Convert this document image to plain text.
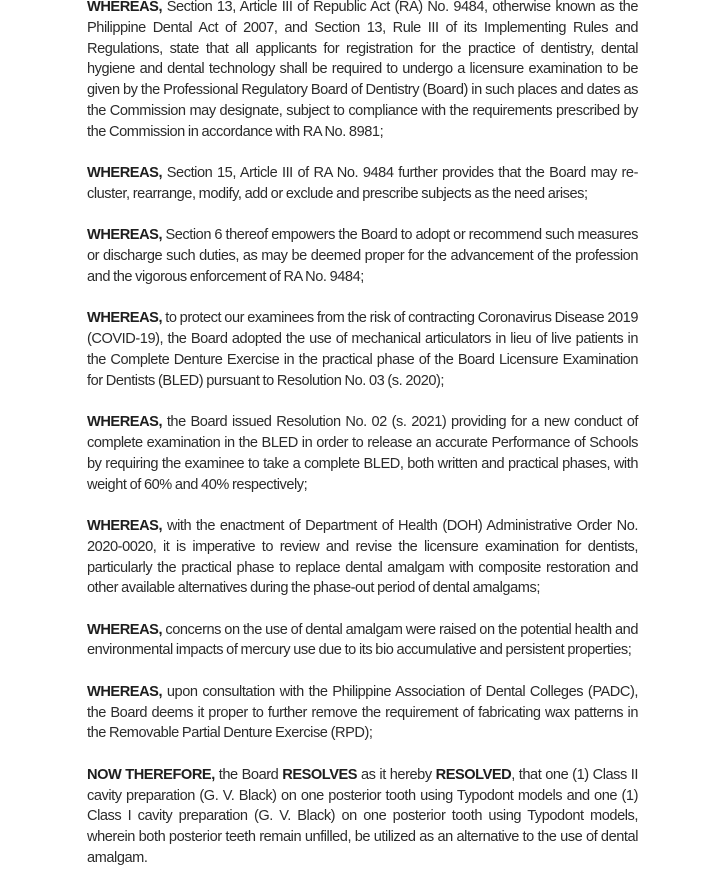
WHEREAS, Section 13, Article III of Republic Act (RA) No. 9484, otherwise known as the Philippine Dental Act of 2007, and Section 13, Rule III of its Implementing Rules and Regulations, state that all applicants for registration for the practice of dentistry, dental hygiene and dental technology shall be required to undergo a licensure examination to be given by the Professional Regulatory Board of Dentistry (Board) in such places and dates as the Commission may designate, subject to compliance with the requirements prescribed by the Commission in accordance with RA No. 8981;

WHEREAS, Section 15, Article III of RA No. 9484 further provides that the Board may re-cluster, rearrange, modify, add or exclude and prescribe subjects as the need arises;

WHEREAS, Section 6 thereof empowers the Board to adopt or recommend such measures or discharge such duties, as may be deemed proper for the advancement of the profession and the vigorous enforcement of RA No. 9484;

WHEREAS, to protect our examinees from the risk of contracting Coronavirus Disease 2019 (COVID-19), the Board adopted the use of mechanical articulators in lieu of live patients in the Complete Denture Exercise in the practical phase of the Board Licensure Examination for Dentists (BLED) pursuant to Resolution No. 03 (s. 2020);

WHEREAS, the Board issued Resolution No. 02 (s. 2021) providing for a new conduct of complete examination in the BLED in order to release an accurate Performance of Schools by requiring the examinee to take a complete BLED, both written and practical phases, with weight of 60% and 40% respectively;

WHEREAS, with the enactment of Department of Health (DOH) Administrative Order No. 2020-0020, it is imperative to review and revise the licensure examination for dentists, particularly the practical phase to replace dental amalgam with composite restoration and other available alternatives during the phase-out period of dental amalgams;

WHEREAS, concerns on the use of dental amalgam were raised on the potential health and environmental impacts of mercury use due to its bio accumulative and persistent properties;

WHEREAS, upon consultation with the Philippine Association of Dental Colleges (PADC), the Board deems it proper to further remove the requirement of fabricating wax patterns in the Removable Partial Denture Exercise (RPD);

NOW THEREFORE, the Board RESOLVES as it hereby RESOLVED, that one (1) Class II cavity preparation (G. V. Black) on one posterior tooth using Typodont models and one (1) Class I cavity preparation (G. V. Black) on one posterior tooth using Typodont models, wherein both posterior teeth remain unfilled, be utilized as an alternative to the use of dental amalgam.
